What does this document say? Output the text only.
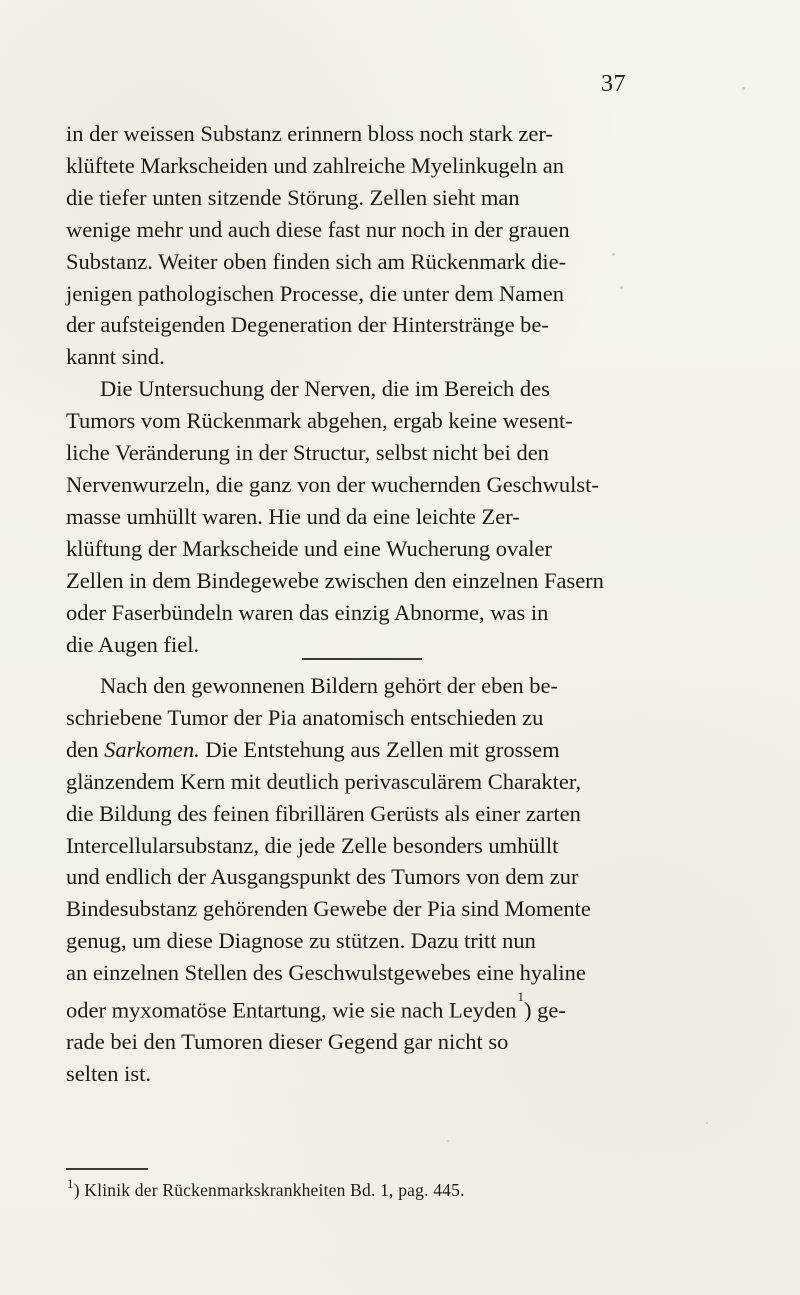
37
in der weissen Substanz erinnern bloss noch stark zer-
klüftete Markscheiden und zahlreiche Myelinkugeln an
die tiefer unten sitzende Störung. Zellen sieht man
wenige mehr und auch diese fast nur noch in der grauen
Substanz. Weiter oben finden sich am Rückenmark die-
jenigen pathologischen Processe, die unter dem Namen
der aufsteigenden Degeneration der Hinterstränge be-
kannt sind.
Die Untersuchung der Nerven, die im Bereich des
Tumors vom Rückenmark abgehen, ergab keine wesent-
liche Veränderung in der Structur, selbst nicht bei den
Nervenwurzeln, die ganz von der wuchernden Geschwulst-
masse umhüllt waren. Hie und da eine leichte Zer-
klüftung der Markscheide und eine Wucherung ovaler
Zellen in dem Bindegewebe zwischen den einzelnen Fasern
oder Faserbündeln waren das einzig Abnorme, was in
die Augen fiel.
Nach den gewonnenen Bildern gehört der eben be-
schriebene Tumor der Pia anatomisch entschieden zu
den Sarkomen. Die Entstehung aus Zellen mit grossem
glänzendem Kern mit deutlich perivasculärem Charakter,
die Bildung des feinen fibrillären Gerüsts als einer zarten
Intercellularsubstanz, die jede Zelle besonders umhüllt
und endlich der Ausgangspunkt des Tumors von dem zur
Bindesubstanz gehörenden Gewebe der Pia sind Momente
genug, um diese Diagnose zu stützen. Dazu tritt nun
an einzelnen Stellen des Geschwulstgewebes eine hyaline
oder myxomatöse Entartung, wie sie nach Leyden$^1$) ge-
rade bei den Tumoren dieser Gegend gar nicht so
selten ist.
$^1$) Klinik der Rückenmarkskrankheiten Bd. 1, pag. 445.
